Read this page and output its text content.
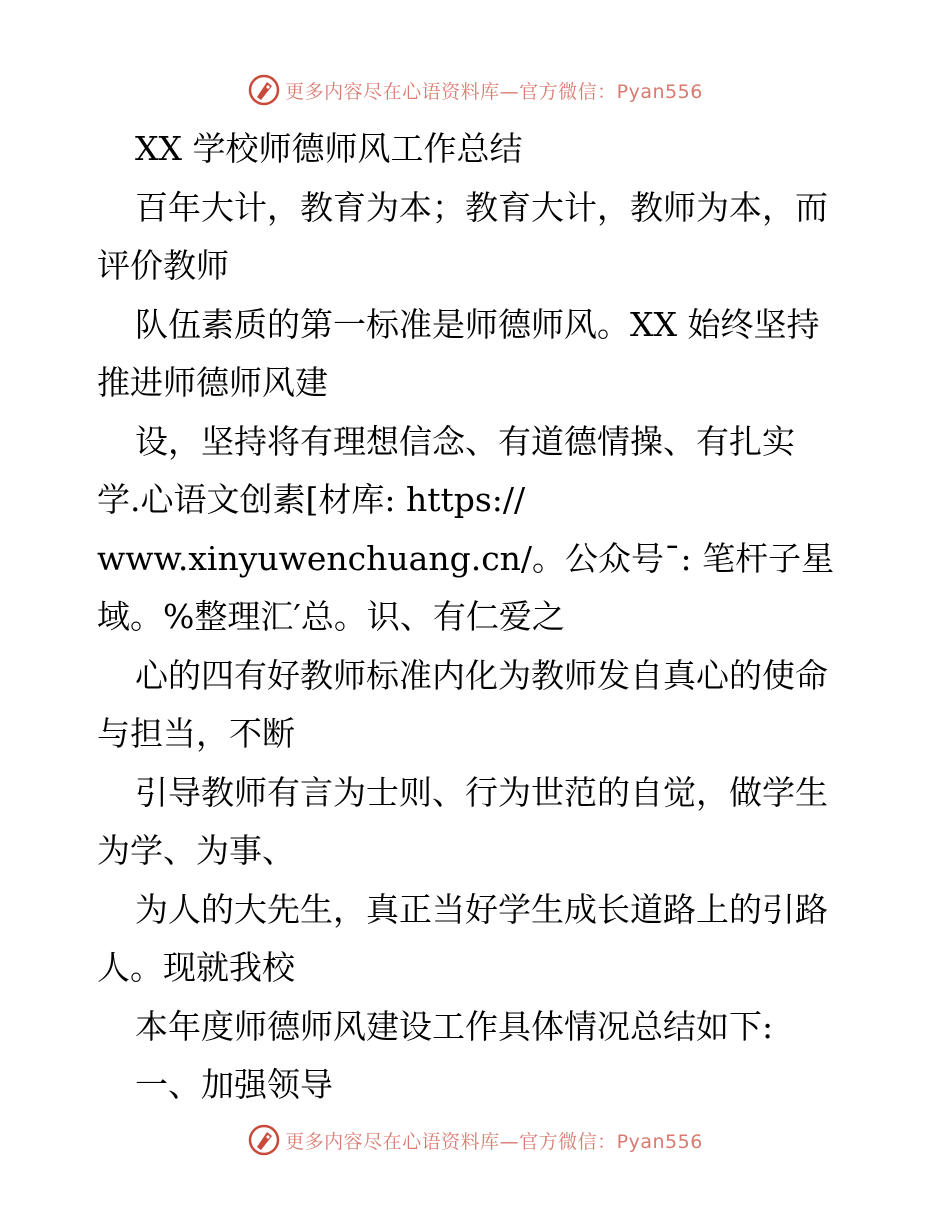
更多内容尽在心语资料库—官方微信：Pyan556
XX 学校师德师风工作总结
百年大计，教育为本；教育大计，教师为本，而
评价教师
队伍素质的第一标准是师德师风。XX 始终坚持
推进师德师风建
设，坚持将有理想信念、有道德情操、有扎实
学.心语文创素[材库: https://
www.xinyuwenchuang.cn/。公众号¯: 笔杆子星
域。%整理汇′总。识、有仁爱之
心的四有好教师标准内化为教师发自真心的使命
与担当，不断
引导教师有言为士则、行为世范的自觉，做学生
为学、为事、
为人的大先生，真正当好学生成长道路上的引路
人。现就我校
本年度师德师风建设工作具体情况总结如下:
一、加强领导
更多内容尽在心语资料库—官方微信：Pyan556
